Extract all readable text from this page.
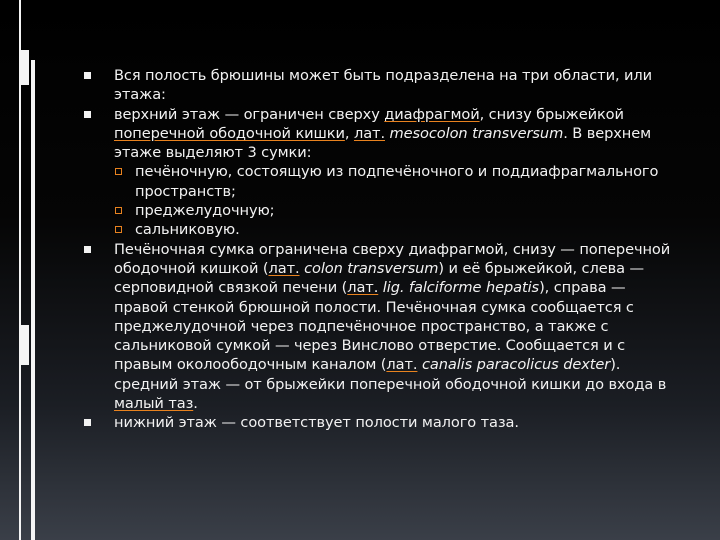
Вся полость брюшины может быть подразделена на три области, или этажа:

верхний этаж — ограничен сверху диафрагмой, снизу брыжейкой поперечной ободочной кишки, лат. mesocolon transversum. В верхнем этаже выделяют 3 сумки:

печёночную, состоящую из подпечёночного и поддиафрагмального пространств;

преджелудочную;

сальниковую.

Печёночная сумка ограничена сверху диафрагмой, снизу — поперечной ободочной кишкой (лат. colon transversum) и её брыжейкой, слева — серповидной связкой печени (лат. lig. falciforme hepatis), справа — правой стенкой брюшной полости. Печёночная сумка сообщается с преджелудочной через подпечёночное пространство, а также с сальниковой сумкой — через Винслово отверстие. Сообщается и с правым околоободочным каналом (лат. canalis paracolicus dexter). средний этаж — от брыжейки поперечной ободочной кишки до входа в малый таз.

нижний этаж — соответствует полости малого таза.
